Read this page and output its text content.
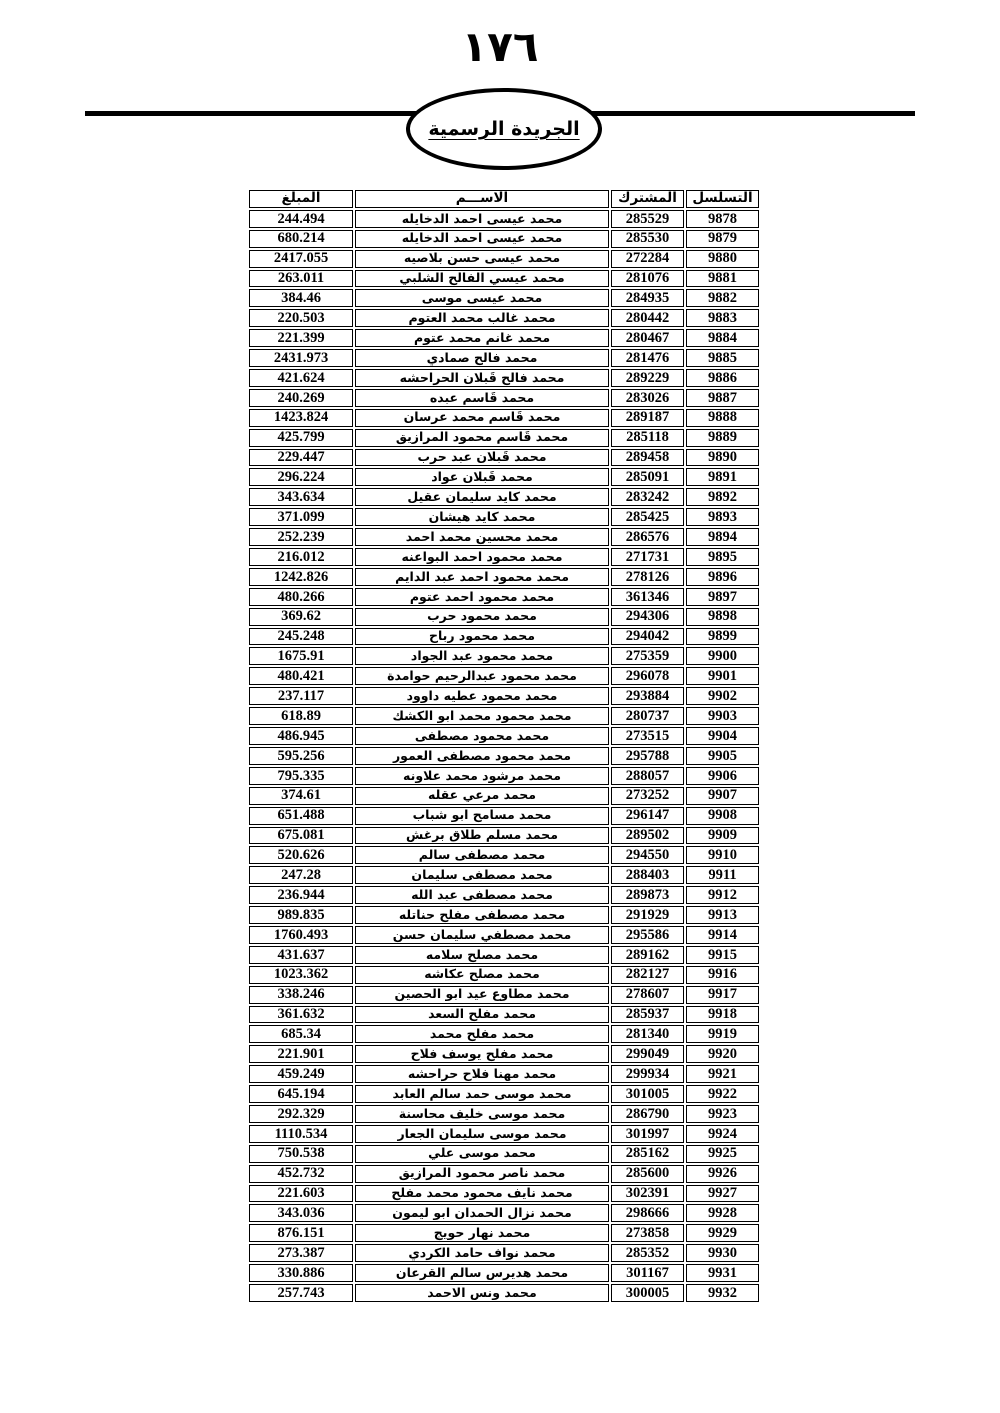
١٧٦
الجريدة الرسمية
التسلسل	المشترك	الاســـم	المبلغ
9878	285529	محمد عيسى احمد الدخايله	244.494
9879	285530	محمد عيسى احمد الدخايله	680.214
9880	272284	محمد عيسى حسن بلاصيه	2417.055
9881	281076	محمد عيسي الفالح الشلبي	263.011
9882	284935	محمد عيسى موسى	384.46
9883	280442	محمد غالب محمد العتوم	220.503
9884	280467	محمد غانم محمد عتوم	221.399
9885	281476	محمد فالح صمادي	2431.973
9886	289229	محمد فالح قَبلان الحراحشه	421.624
9887	283026	محمد قَاسم عبده	240.269
9888	289187	محمد قَاسم محمد عرسان	1423.824
9889	285118	محمد قَاسم محمود المرازيق	425.799
9890	289458	محمد قَبلان عبد حرب	229.447
9891	285091	محمد قَبلان عواد	296.224
9892	283242	محمد كايد سليمان عقيل	343.634
9893	285425	محمد كايد هيشان	371.099
9894	286576	محمد محسين محمد احمد	252.239
9895	271731	محمد محمود احمد البواعنه	216.012
9896	278126	محمد محمود احمد عبد الدايم	1242.826
9897	361346	محمد محمود احمد عتوم	480.266
9898	294306	محمد محمود حرب	369.62
9899	294042	محمد محمود رباح	245.248
9900	275359	محمد محمود عبد الجواد	1675.91
9901	296078	محمد محمود عبدالرحيم حوامدة	480.421
9902	293884	محمد محمود عطيه داوود	237.117
9903	280737	محمد محمود محمد ابو الكشك	618.89
9904	273515	محمد محمود مصطفى	486.945
9905	295788	محمد محمود مصطفى العمور	595.256
9906	288057	محمد مرشود محمد علاونه	795.335
9907	273252	محمد مرعي عقله	374.61
9908	296147	محمد مسامح ابو شباب	651.488
9909	289502	محمد مسلم طلاق برغش	675.081
9910	294550	محمد مصطفى سالم	520.626
9911	288403	محمد مصطفى سليمان	247.28
9912	289873	محمد مصطفى عبد الله	236.944
9913	291929	محمد مصطفى مفلح حناتله	989.835
9914	295586	محمد مصطفي سليمان حسن	1760.493
9915	289162	محمد مصلح سلامه	431.637
9916	282127	محمد مصلح عكاشه	1023.362
9917	278607	محمد مطاوع عيد ابو الحصين	338.246
9918	285937	محمد مفلح السعد	361.632
9919	281340	محمد مفلح محمد	685.34
9920	299049	محمد مفلح يوسف فلاح	221.901
9921	299934	محمد مهنا فلاح حراحشه	459.249
9922	301005	محمد موسى حمد سالم العابد	645.194
9923	286790	محمد موسى خليف محاسنة	292.329
9924	301997	محمد موسى سليمان الجعار	1110.534
9925	285162	محمد موسى علي	750.538
9926	285600	محمد ناصر محمود المرازيق	452.732
9927	302391	محمد نايف محمود محمد مفلح	221.603
9928	298666	محمد نزال الحمدان ابو ليمون	343.036
9929	273858	محمد نهار حويج	876.151
9930	285352	محمد نواف حامد الكردي	273.387
9931	301167	محمد هديرس سالم القرعان	330.886
9932	300005	محمد ونس الاحمد	257.743
